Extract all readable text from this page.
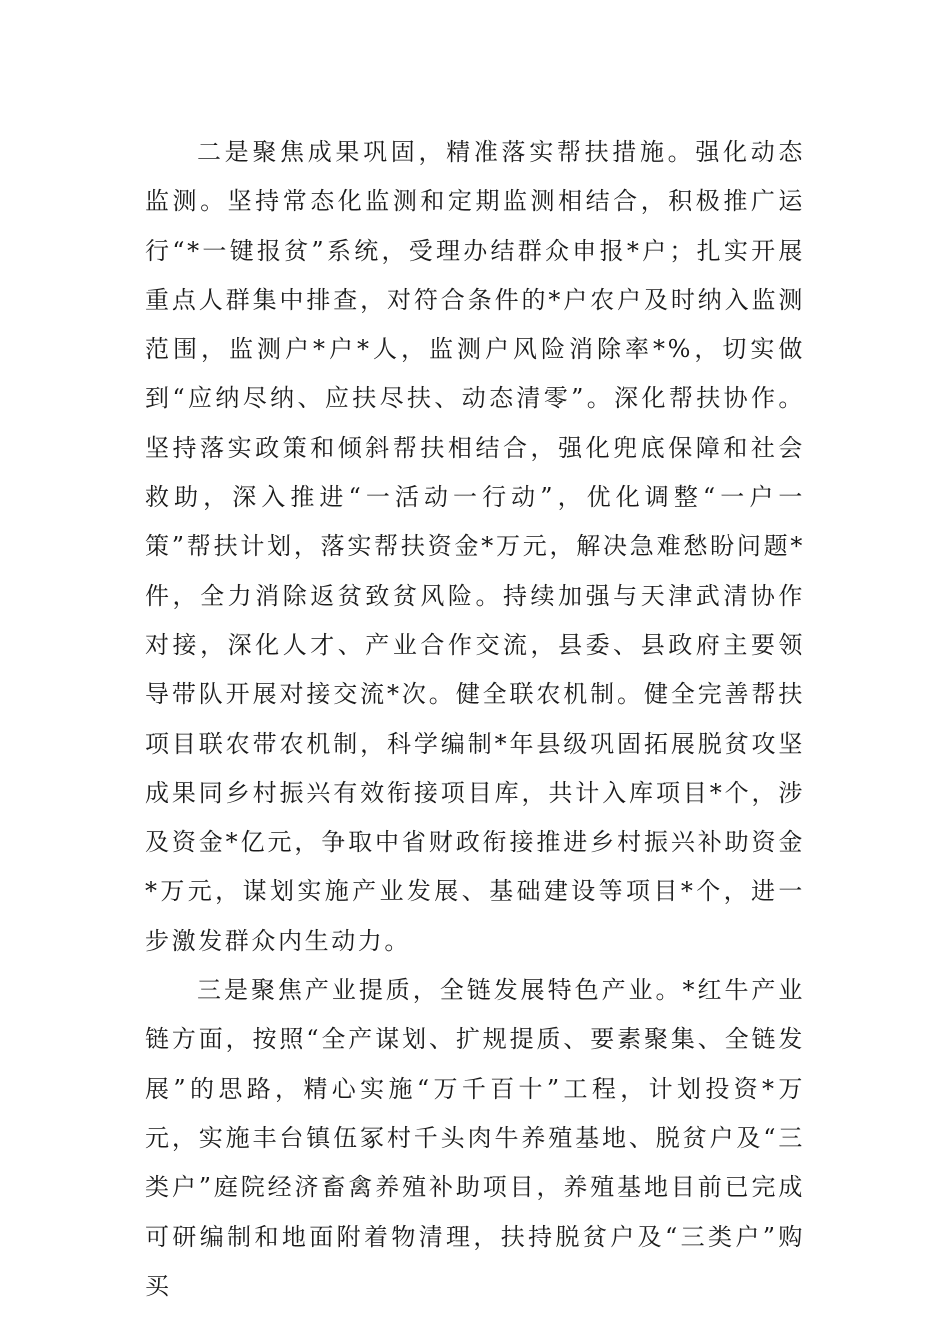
二是聚焦成果巩固，精准落实帮扶措施。强化动态监测。坚持常态化监测和定期监测相结合，积极推广运行“*一键报贫”系统，受理办结群众申报*户；扎实开展重点人群集中排查，对符合条件的*户农户及时纳入监测范围，监测户*户*人，监测户风险消除率*%，切实做到“应纳尽纳、应扶尽扶、动态清零”。深化帮扶协作。坚持落实政策和倾斜帮扶相结合，强化兜底保障和社会救助，深入推进“一活动一行动”，优化调整“一户一策”帮扶计划，落实帮扶资金*万元，解决急难愁盼问题*件，全力消除返贫致贫风险。持续加强与天津武清协作对接，深化人才、产业合作交流，县委、县政府主要领导带队开展对接交流*次。健全联农机制。健全完善帮扶项目联农带农机制，科学编制*年县级巩固拓展脱贫攻坚成果同乡村振兴有效衔接项目库，共计入库项目*个，涉及资金*亿元，争取中省财政衔接推进乡村振兴补助资金*万元，谋划实施产业发展、基础建设等项目*个，进一步激发群众内生动力。

三是聚焦产业提质，全链发展特色产业。*红牛产业链方面，按照“全产谋划、扩规提质、要素聚集、全链发展”的思路，精心实施“万千百十”工程，计划投资*万元，实施丰台镇伍冢村千头肉牛养殖基地、脱贫户及“三类户”庭院经济畜禽养殖补助项目，养殖基地目前已完成可研编制和地面附着物清理，扶持脱贫户及“三类户”购买
